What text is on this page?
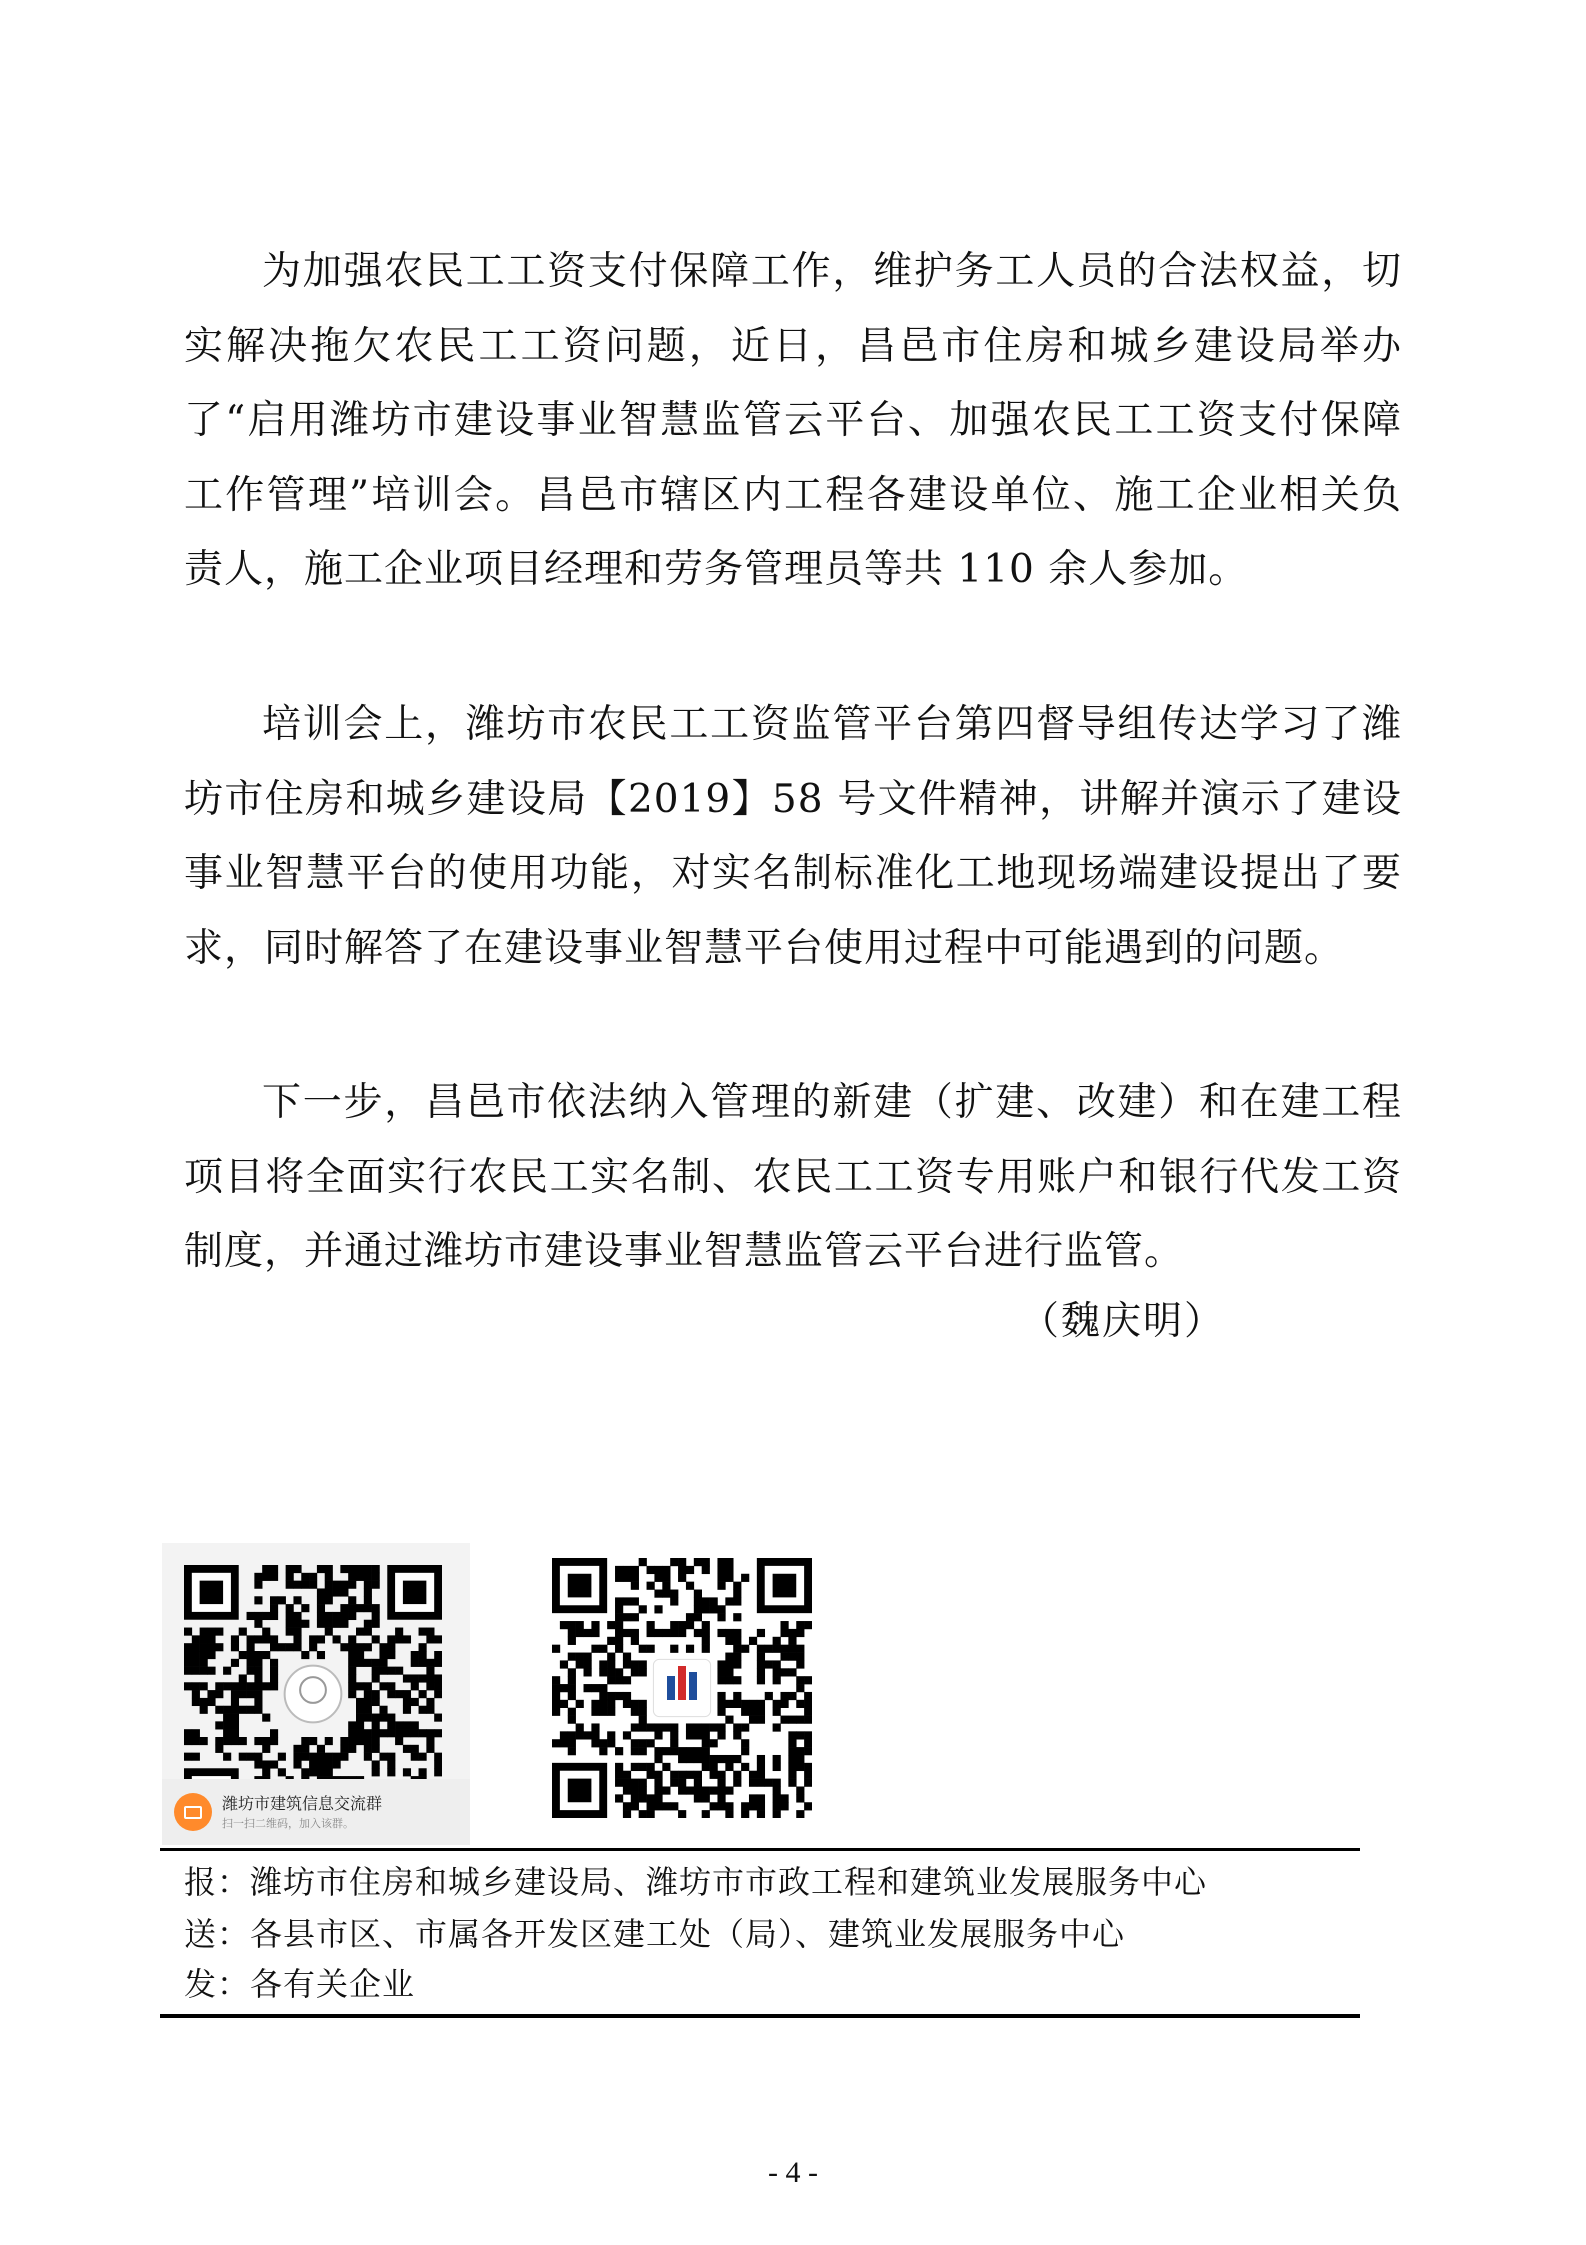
为加强农民工工资支付保障工作，维护务工人员的合法权益，切实解决拖欠农民工工资问题，近日，昌邑市住房和城乡建设局举办了“启用潍坊市建设事业智慧监管云平台、加强农民工工资支付保障工作管理”培训会。昌邑市辖区内工程各建设单位、施工企业相关负责人，施工企业项目经理和劳务管理员等共 110 余人参加。

培训会上，潍坊市农民工工资监管平台第四督导组传达学习了潍坊市住房和城乡建设局【2019】58 号文件精神，讲解并演示了建设事业智慧平台的使用功能，对实名制标准化工地现场端建设提出了要求，同时解答了在建设事业智慧平台使用过程中可能遇到的问题。

下一步，昌邑市依法纳入管理的新建（扩建、改建）和在建工程项目将全面实行农民工实名制、农民工工资专用账户和银行代发工资制度，并通过潍坊市建设事业智慧监管云平台进行监管。

（魏庆明）
潍坊市建筑信息交流群
扫一扫二维码，加入该群。
报：潍坊市住房和城乡建设局、潍坊市市政工程和建筑业发展服务中心
送：各县市区、市属各开发区建工处（局）、建筑业发展服务中心
发：各有关企业
- 4 -
